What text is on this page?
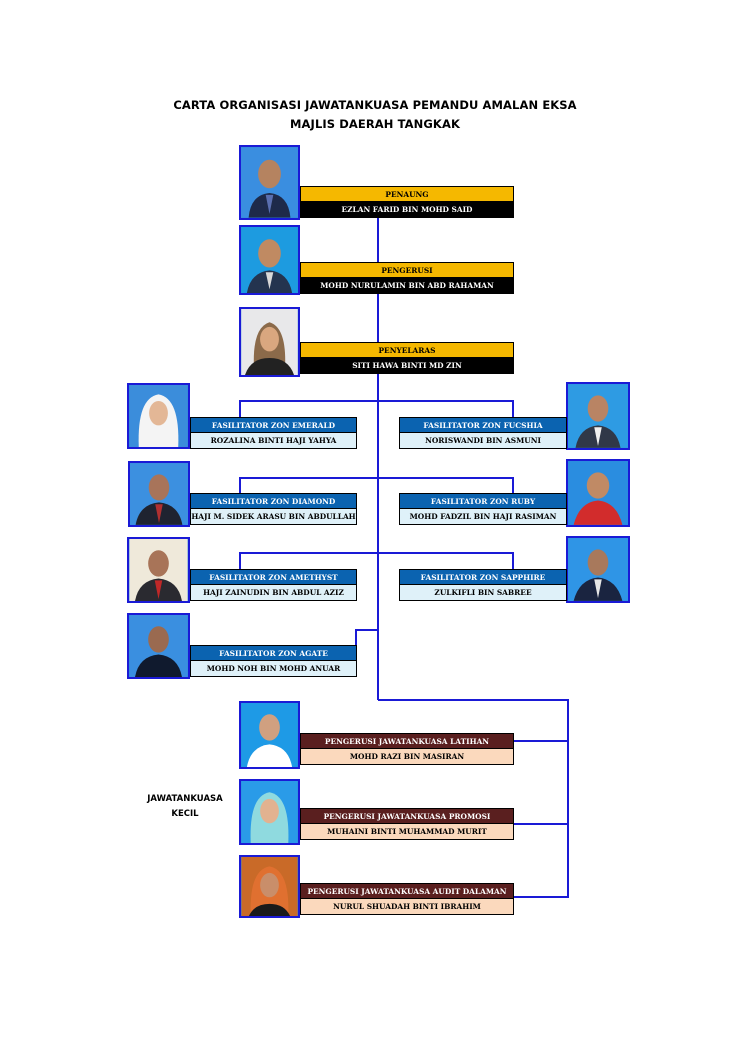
CARTA ORGANISASI JAWATANKUASA PEMANDU AMALAN EKSA
MAJLIS DAERAH TANGKAK
PENAUNG
EZLAN FARID BIN MOHD SAID
PENGERUSI
MOHD NURULAMIN BIN ABD RAHAMAN
PENYELARAS
SITI HAWA BINTI MD ZIN
FASILITATOR ZON EMERALD
ROZALINA BINTI HAJI YAHYA
FASILITATOR ZON FUCSHIA
NORISWANDI BIN ASMUNI
FASILITATOR ZON DIAMOND
HAJI M. SIDEK ARASU BIN ABDULLAH
FASILITATOR ZON RUBY
MOHD FADZIL BIN HAJI RASIMAN
FASILITATOR ZON AMETHYST
HAJI ZAINUDIN BIN ABDUL AZIZ
FASILITATOR ZON SAPPHIRE
ZULKIFLI BIN SABREE
FASILITATOR ZON AGATE
MOHD NOH BIN MOHD ANUAR
PENGERUSI JAWATANKUASA LATIHAN
MOHD RAZI BIN MASIRAN
PENGERUSI JAWATANKUASA PROMOSI
MUHAINI BINTI MUHAMMAD MURIT
PENGERUSI JAWATANKUASA AUDIT DALAMAN
NURUL SHUADAH BINTI IBRAHIM
JAWATANKUASA
KECIL
